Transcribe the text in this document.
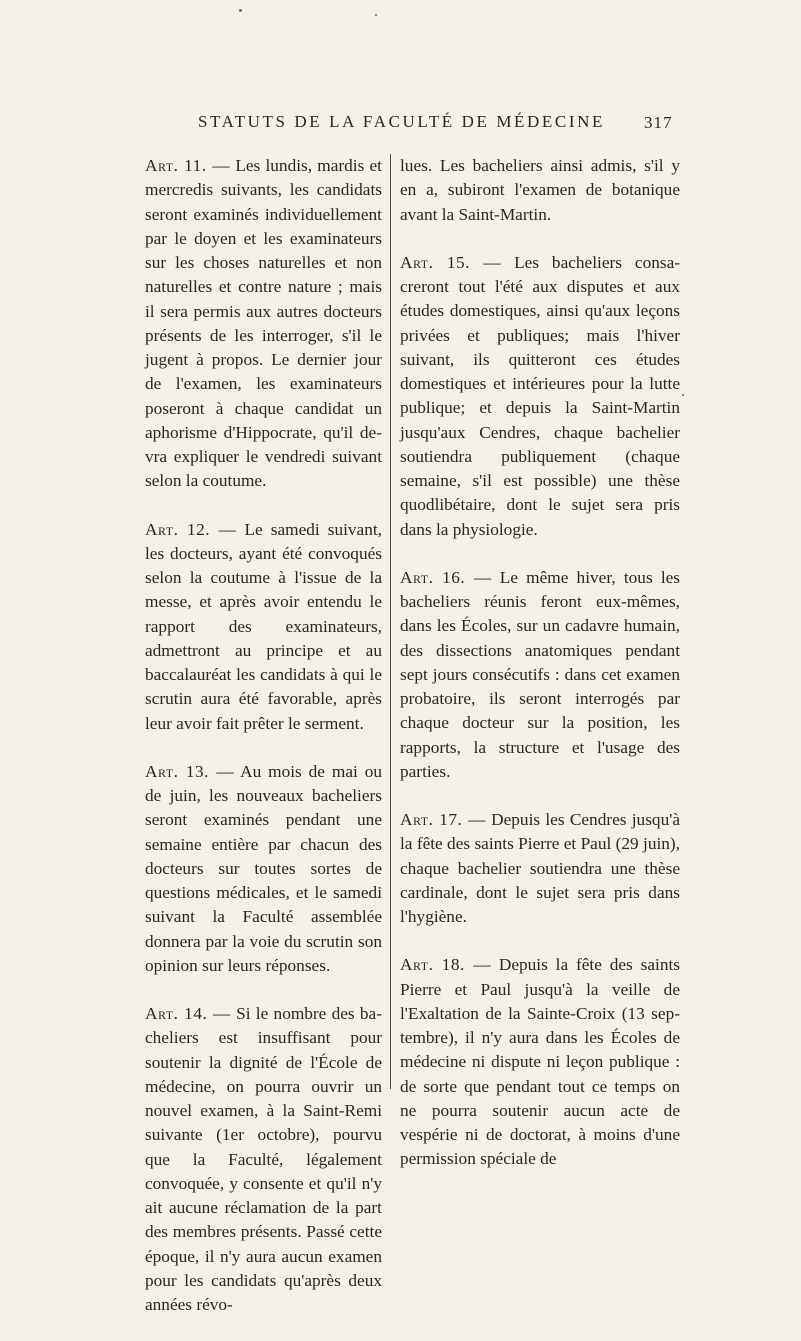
STATUTS DE LA FACULTÉ DE MÉDECINE 317

Art. 11. — Les lundis, mardis et mercredis suivants, les candidats seront examinés individuellement par le doyen et les examinateurs sur les choses naturelles et non naturelles et contre nature ; mais il sera permis aux autres docteurs présents de les interroger, s'il le jugent à propos. Le dernier jour de l'examen, les examinateurs poseront à chaque candidat un aphorisme d'Hippocrate, qu'il devra expliquer le vendredi suivant selon la coutume.

Art. 12. — Le samedi suivant, les docteurs, ayant été convoqués selon la coutume à l'issue de la messe, et après avoir entendu le rapport des examinateurs, admettront au principe et au baccalauréat les candidats à qui le scrutin aura été favorable, après leur avoir fait prêter le serment.

Art. 13. — Au mois de mai ou de juin, les nouveaux bacheliers seront examinés pendant une semaine entière par chacun des docteurs sur toutes sortes de questions médicales, et le samedi suivant la Faculté assemblée donnera par la voie du scrutin son opinion sur leurs réponses.

Art. 14. — Si le nombre des bacheliers est insuffisant pour soutenir la dignité de l'École de médecine, on pourra ouvrir un nouvel examen, à la Saint-Remi suivante (1er octobre), pourvu que la Faculté, légalement convoquée, y consente et qu'il n'y ait aucune réclamation de la part des membres présents. Passé cette époque, il n'y aura aucun examen pour les candidats qu'après deux années révo-

lues. Les bacheliers ainsi admis, s'il y en a, subiront l'examen de botanique avant la Saint-Martin.

Art. 15. — Les bacheliers consacreront tout l'été aux disputes et aux études domestiques, ainsi qu'aux leçons privées et publiques; mais l'hiver suivant, ils quitteront ces études domestiques et intérieures pour la lutte publique; et depuis la Saint-Martin jusqu'aux Cendres, chaque bachelier soutiendra publiquement (chaque semaine, s'il est possible) une thèse quodlibétaire, dont le sujet sera pris dans la physiologie.

Art. 16. — Le même hiver, tous les bacheliers réunis feront eux-mêmes, dans les Écoles, sur un cadavre humain, des dissections anatomiques pendant sept jours consécutifs : dans cet examen probatoire, ils seront interrogés par chaque docteur sur la position, les rapports, la structure et l'usage des parties.

Art. 17. — Depuis les Cendres jusqu'à la fête des saints Pierre et Paul (29 juin), chaque bachelier soutiendra une thèse cardinale, dont le sujet sera pris dans l'hygiène.

Art. 18. — Depuis la fête des saints Pierre et Paul jusqu'à la veille de l'Exaltation de la Sainte-Croix (13 septembre), il n'y aura dans les Écoles de médecine ni dispute ni leçon publique : de sorte que pendant tout ce temps on ne pourra soutenir aucun acte de vespérie ni de doctorat, à moins d'une permission spéciale de
